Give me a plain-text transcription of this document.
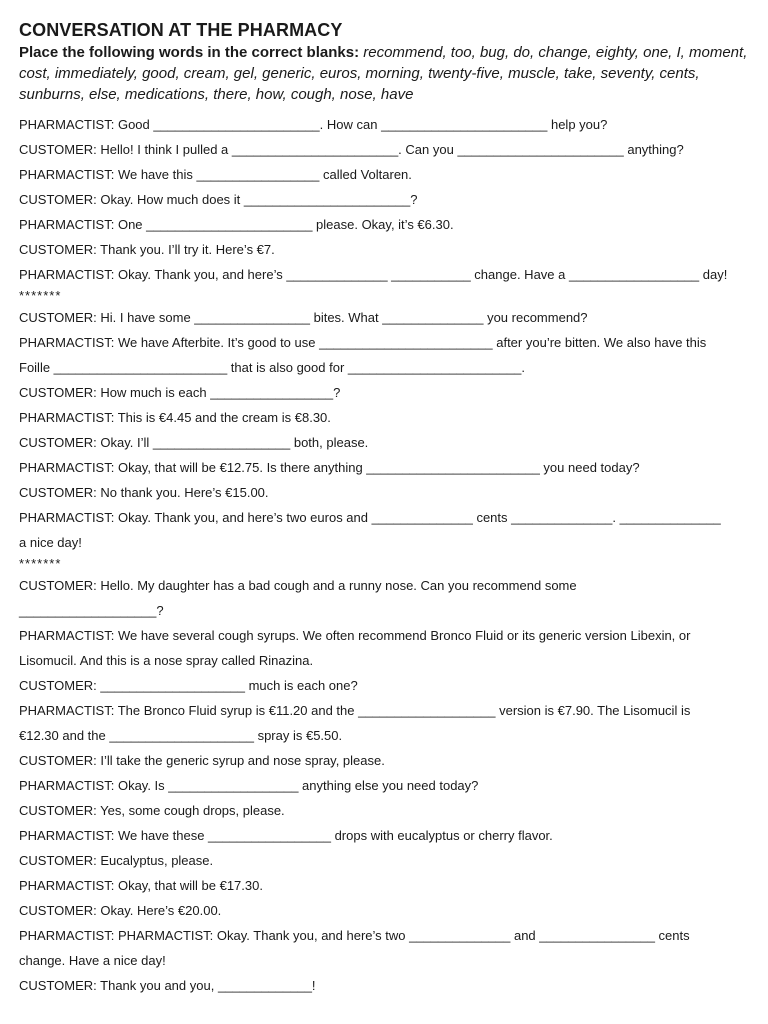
CONVERSATION AT THE PHARMACY
Place the following words in the correct blanks: recommend, too, bug, do, change, eighty, one, I, moment, cost, immediately, good, cream, gel, generic, euros, morning, twenty-five, muscle, take, seventy, cents, sunburns, else, medications, there, how, cough, nose, have
PHARMACTIST: Good _______________________. How can _______________________ help you?
CUSTOMER: Hello! I think I pulled a _______________________. Can you _______________________ anything?
PHARMACTIST: We have this _________________ called Voltaren.
CUSTOMER: Okay. How much does it _______________________?
PHARMACTIST: One _______________________ please. Okay, it’s €6.30.
CUSTOMER: Thank you. I’ll try it. Here’s €7.
PHARMACTIST: Okay. Thank you, and here’s ______________ ___________ change. Have a __________________ day!
*******
CUSTOMER: Hi. I have some ________________ bites. What ______________ you recommend?
PHARMACTIST: We have Afterbite. It’s good to use ________________________ after you’re bitten. We also have this
Foille ________________________ that is also good for ________________________.
CUSTOMER: How much is each _________________?
PHARMACTIST: This is €4.45 and the cream is €8.30.
CUSTOMER: Okay. I’ll ___________________ both, please.
PHARMACTIST: Okay, that will be €12.75. Is there anything ________________________ you need today?
CUSTOMER: No thank you. Here’s €15.00.
PHARMACTIST: Okay. Thank you, and here’s two euros and ______________ cents ______________. ______________
a nice day!
*******
CUSTOMER: Hello. My daughter has a bad cough and a runny nose. Can you recommend some
___________________?
PHARMACTIST: We have several cough syrups. We often recommend Bronco Fluid or its generic version Libexin, or
Lisomucil. And this is a nose spray called Rinazina.
CUSTOMER: ____________________ much is each one?
PHARMACTIST: The Bronco Fluid syrup is €11.20 and the ___________________ version is €7.90. The Lisomucil is
€12.30 and the ____________________ spray is €5.50.
CUSTOMER: I’ll take the generic syrup and nose spray, please.
PHARMACTIST: Okay. Is __________________ anything else you need today?
CUSTOMER: Yes, some cough drops, please.
PHARMACTIST: We have these _________________ drops with eucalyptus or cherry flavor.
CUSTOMER: Eucalyptus, please.
PHARMACTIST: Okay, that will be €17.30.
CUSTOMER: Okay. Here’s €20.00.
PHARMACTIST: PHARMACTIST: Okay. Thank you, and here’s two ______________ and ________________ cents
change. Have a nice day!
CUSTOMER: Thank you and you, _____________!
